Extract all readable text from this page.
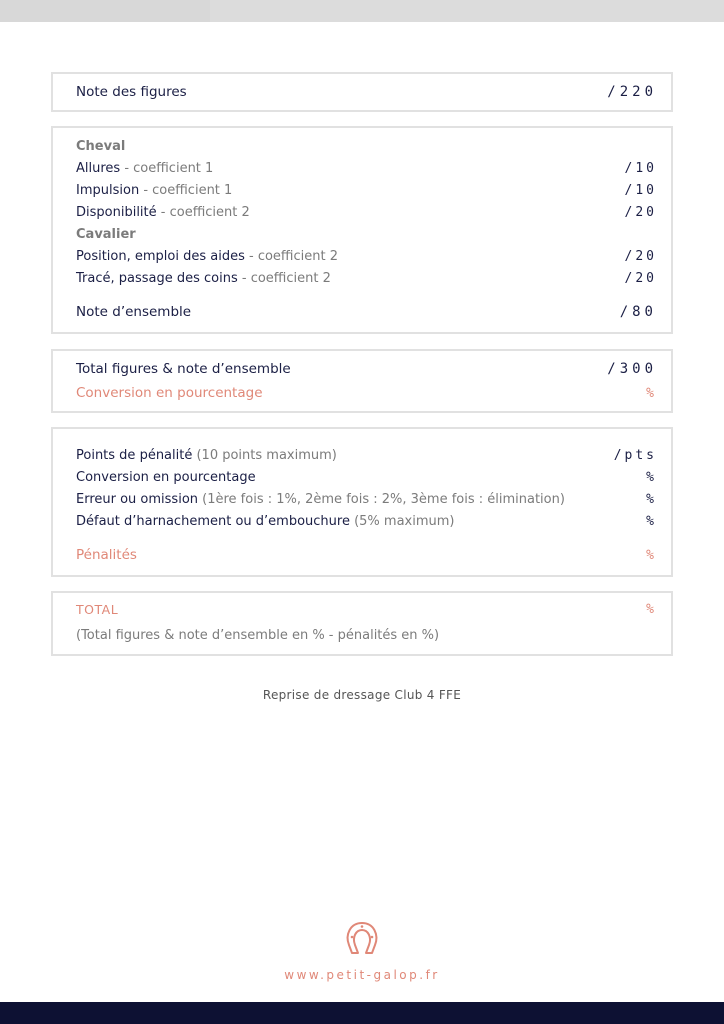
Note des figures	/220
Cheval
Allures - coefficient 1	/10
Impulsion - coefficient 1	/10
Disponibilité - coefficient 2	/20
Cavalier
Position, emploi des aides - coefficient 2	/20
Tracé, passage des coins - coefficient 2	/20
Note d’ensemble	/80
Total figures & note d’ensemble	/300
Conversion en pourcentage	%
Points de pénalité (10 points maximum)	/pts
Conversion en pourcentage	%
Erreur ou omission (1ère fois : 1%, 2ème fois : 2%, 3ème fois : élimination)	%
Défaut d’harnachement ou d’embouchure (5% maximum)	%
Pénalités	%
TOTAL	%
(Total figures & note d’ensemble en % - pénalités en %)
Reprise de dressage Club 4 FFE
www.petit-galop.fr
